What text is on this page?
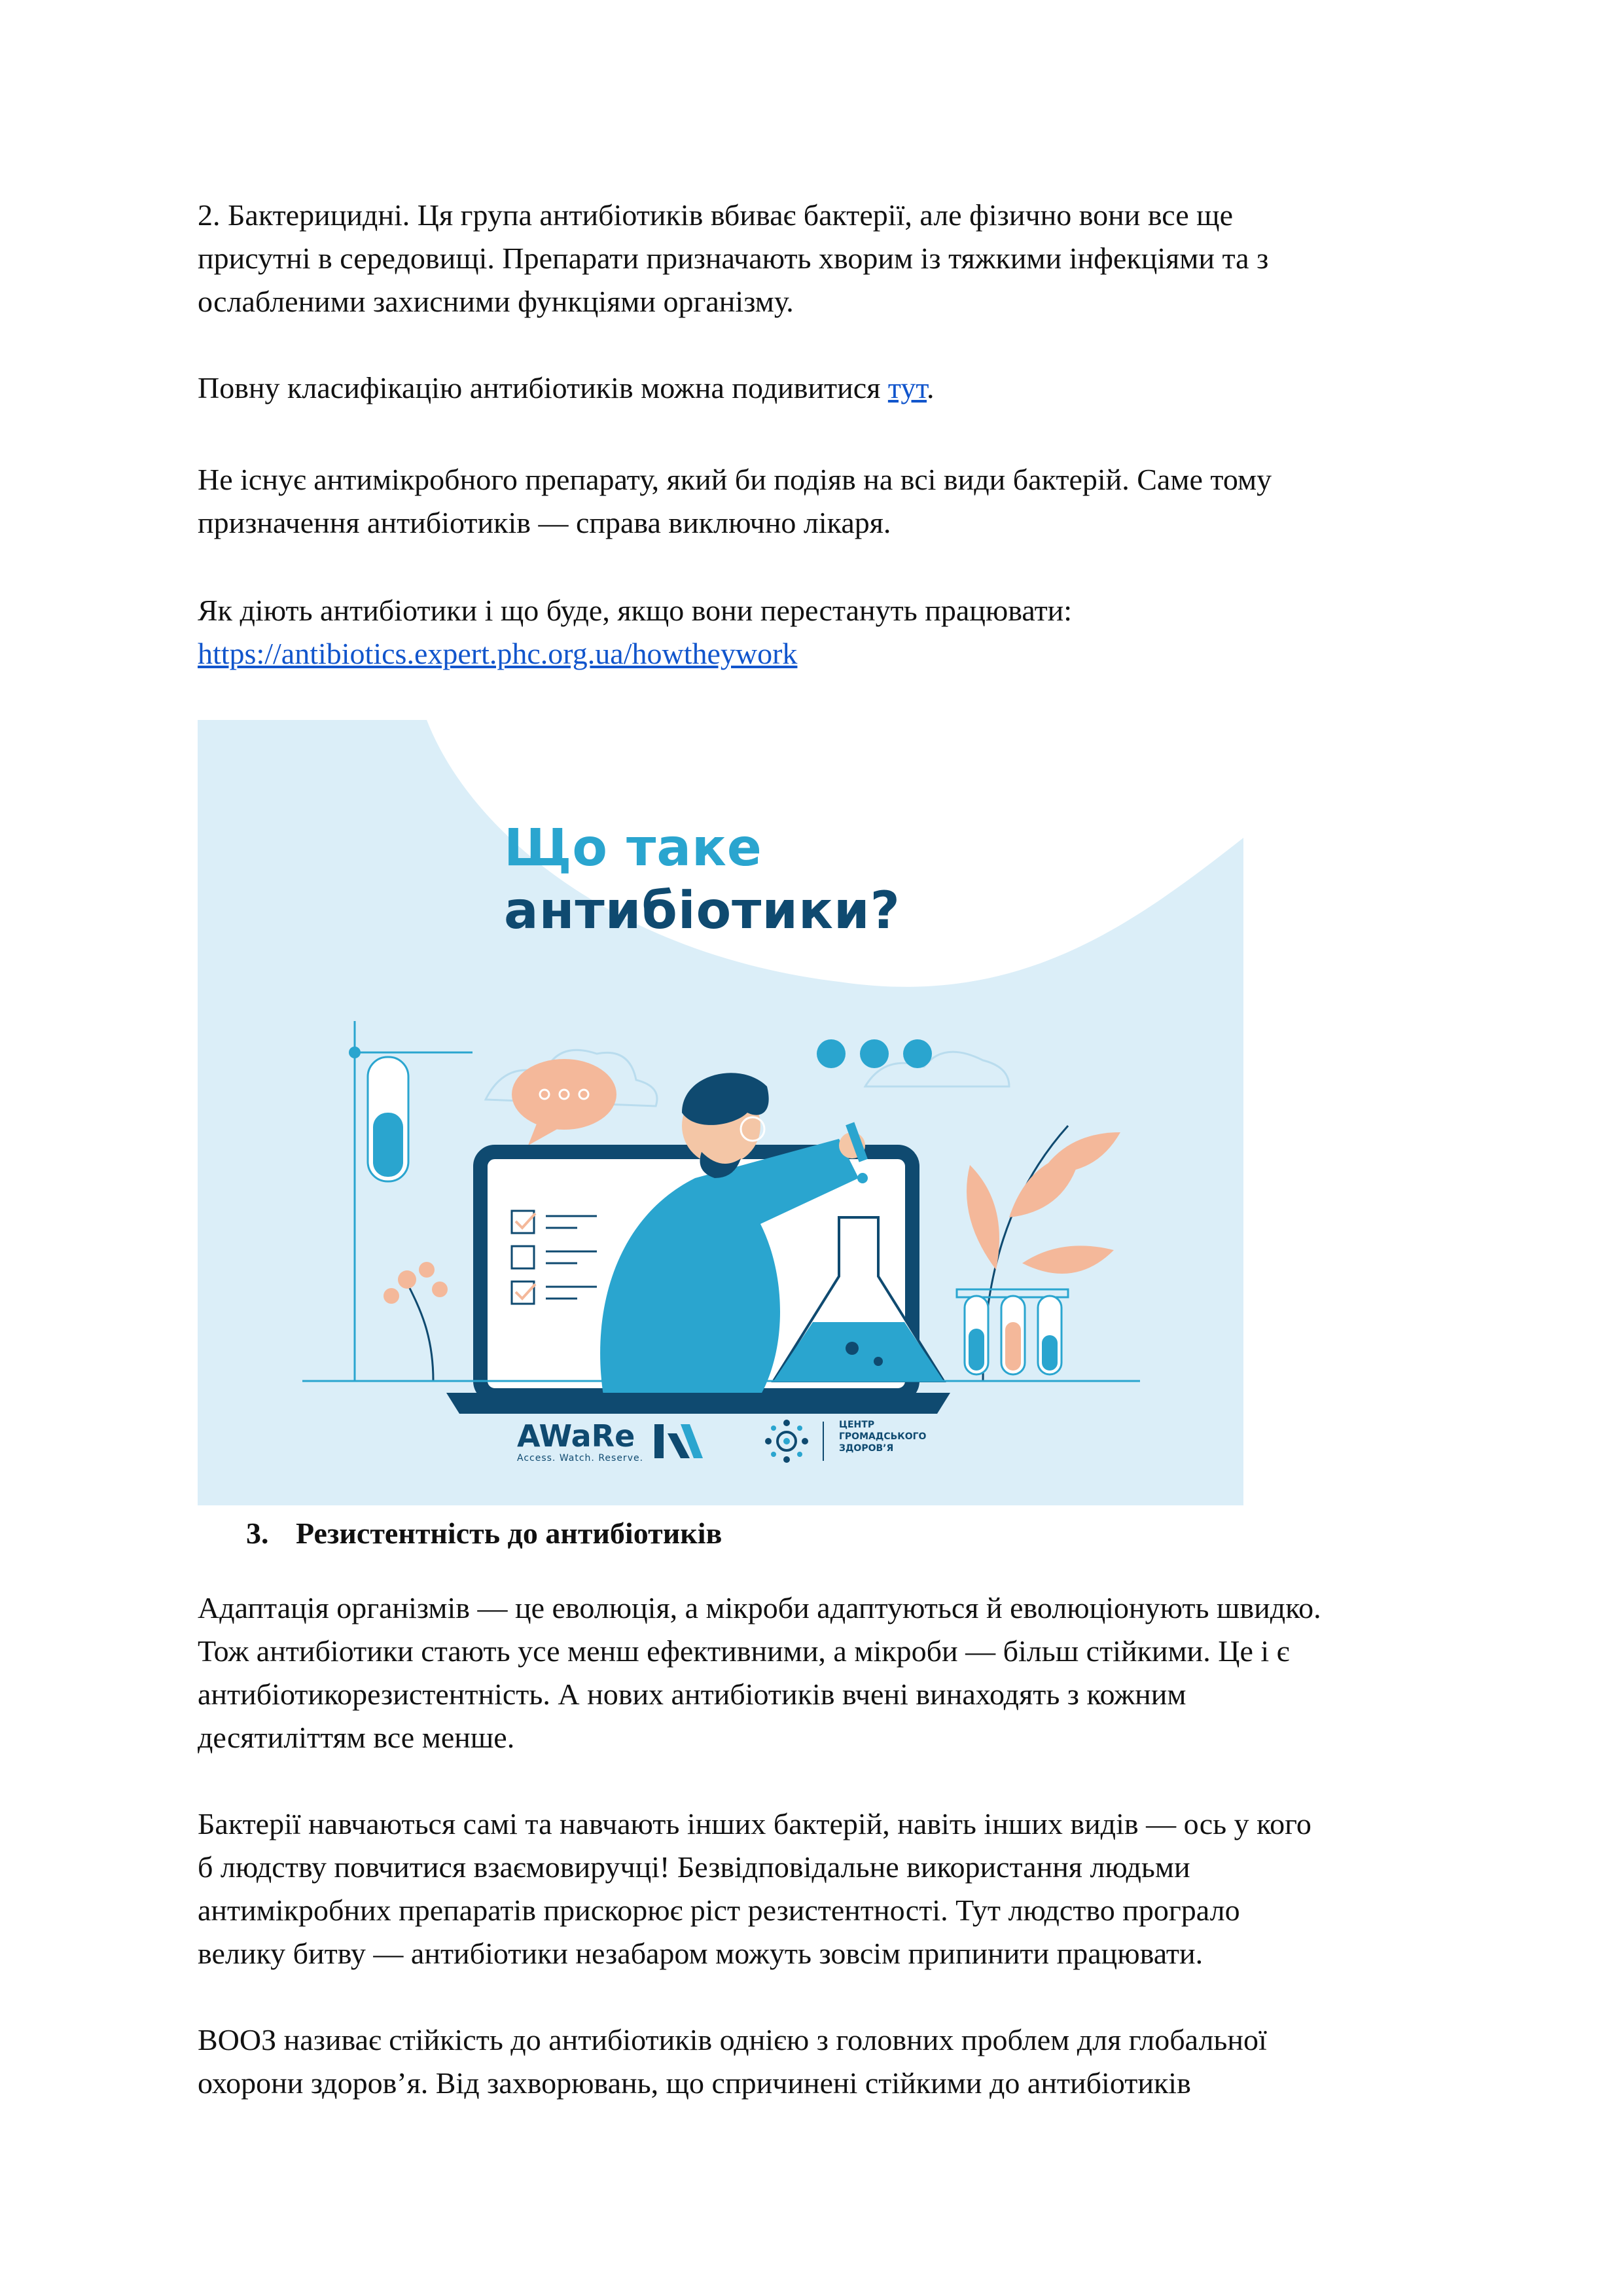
2. Бактерицидні. Ця група антибіотиків вбиває бактерії, але фізично вони все ще
присутні в середовищі. Препарати призначають хворим із тяжкими інфекціями та з
ослабленими захисними функціями організму.

Повну класифікацію антибіотиків можна подивитися тут.

Не існує антимікробного препарату, який би подіяв на всі види бактерій. Саме тому
призначення антибіотиків — справа виключно лікаря.

Як діють антибіотики і що буде, якщо вони перестануть працювати:
https://antibiotics.expert.phc.org.ua/howtheywork

Що таке
антибіотики?
AWaRe
Access. Watch. Reserve.
ЦЕНТР
ГРОМАДСЬКОГО
ЗДОРОВ’Я
3. Резистентність до антибіотиків

Адаптація організмів — це еволюція, а мікроби адаптуються й еволюціонують швидко.
Тож антибіотики стають усе менш ефективними, а мікроби — більш стійкими. Це і є
антибіотикорезистентність. А нових антибіотиків вчені винаходять з кожним
десятиліттям все менше.

Бактерії навчаються самі та навчають інших бактерій, навіть інших видів — ось у кого
б людству повчитися взаємовиручці! Безвідповідальне використання людьми
антимікробних препаратів прискорює ріст резистентності. Тут людство програло
велику битву — антибіотики незабаром можуть зовсім припинити працювати.

ВООЗ називає стійкість до антибіотиків однією з головних проблем для глобальної
охорони здоров’я. Від захворювань, що спричинені стійкими до антибіотиків
